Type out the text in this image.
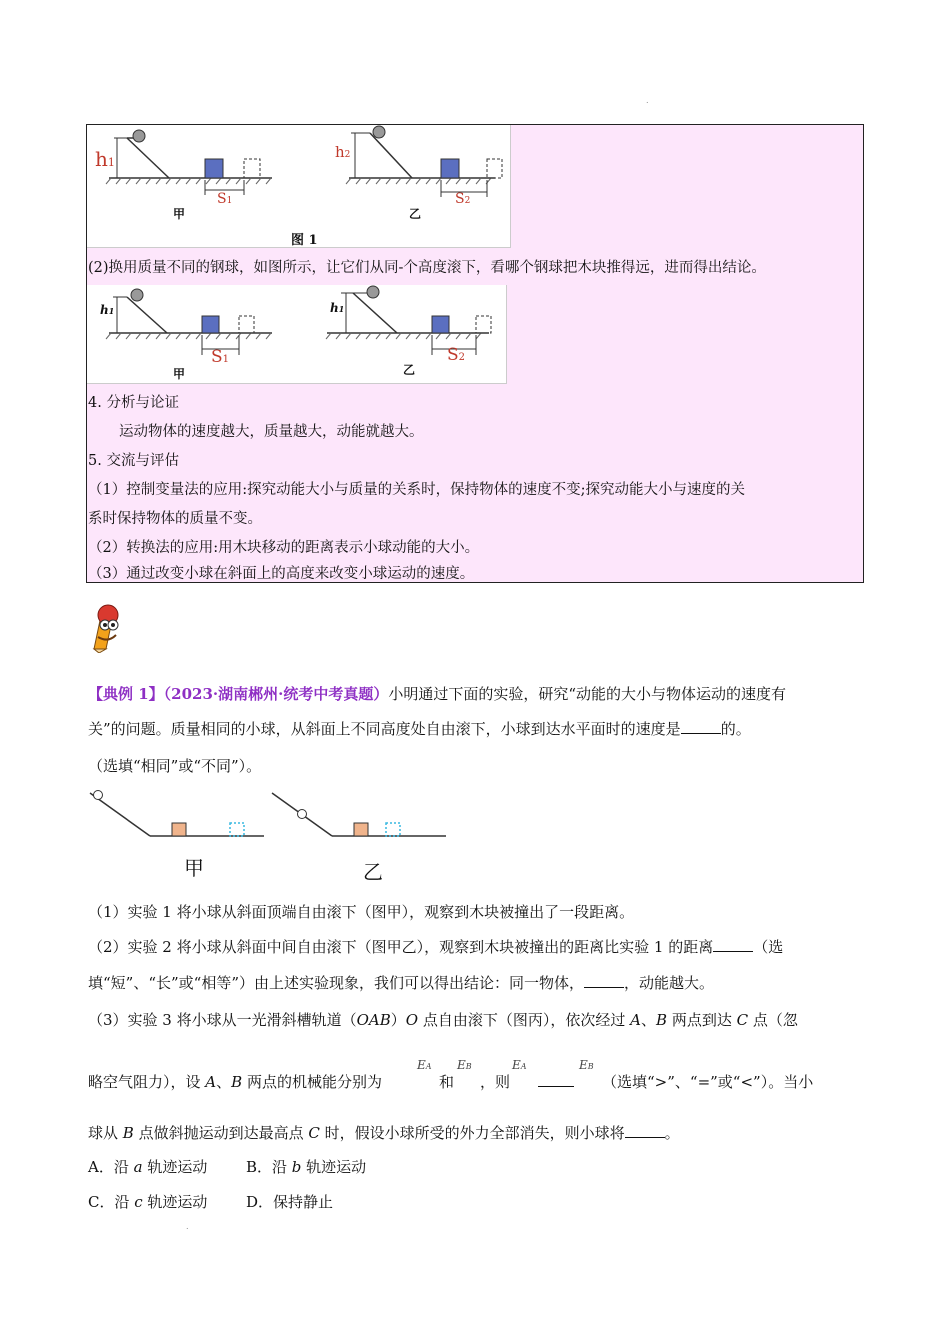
.
h1
h2
S1	S2
甲	乙
图 1
(2)换用质量不同的钢球，如图所示，让它们从同-个高度滚下，看哪个钢球把木块推得远，进而得出结论。
h1	h1
S1	S2
甲	乙
4. 分析与论证
运动物体的速度越大，质量越大，动能就越大。
5. 交流与评估
（1）控制变量法的应用:探究动能大小与质量的关系时，保持物体的速度不变;探究动能大小与速度的关
系时保持物体的质量不变。
（2）转换法的应用:用木块移动的距离表示小球动能的大小。
（3）通过改变小球在斜面上的高度来改变小球运动的速度。
【典例 1】（2023·湖南郴州·统考中考真题）小明通过下面的实验，研究“动能的大小与物体运动的速度有
关”的问题。质量相同的小球，从斜面上不同高度处自由滚下，小球到达水平面时的速度是	的。
（选填“相同”或“不同”）。
甲	乙
（1）实验 1 将小球从斜面顶端自由滚下（图甲），观察到木块被撞出了一段距离。
（2）实验 2 将小球从斜面中间自由滚下（图甲乙），观察到木块被撞出的距离比实验 1 的距离	（选
填“短”、“长”或“相等”）由上述实验现象，我们可以得出结论：同一物体，	，动能越大。
（3）实验 3 将小球从一光滑斜槽轨道（OAB）O 点自由滚下（图丙），依次经过 A、B 两点到达 C 点（忽
略空气阻力），设 A、B 两点的机械能分别为
EA
和
EB
，则
EA	EB
（选填“>”、“=”或“<”）。当小
球从 B 点做斜抛运动到达最高点 C 时，假设小球所受的外力全部消失，则小球将	。
A．沿 a 轨迹运动	B．沿 b 轨迹运动
C．沿 c 轨迹运动	D．保持静止
.
